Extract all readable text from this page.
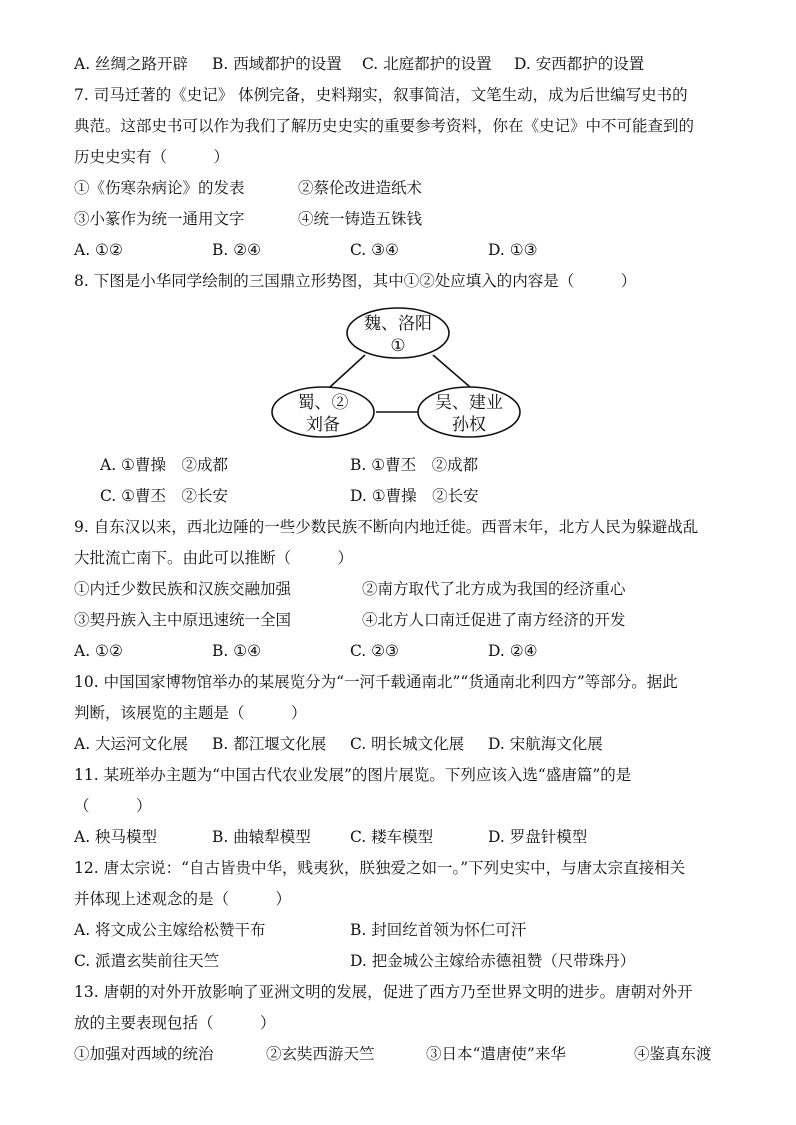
A. 丝绸之路开辟 B. 西域都护的设置 C. 北庭都护的设置 D. 安西都护的设置
7. 司马迁著的《史记》 体例完备，史料翔实，叙事简洁，文笔生动，成为后世编写史书的
典范。这部史书可以作为我们了解历史史实的重要参考资料，你在《史记》中不可能查到的
历史史实有（　　　）
①《伤寒杂病论》的发表	②蔡伦改进造纸术
③小篆作为统一通用文字	④统一铸造五铢钱
A. ①②	B. ②④	C. ③④	D. ①③
8. 下图是小华同学绘制的三国鼎立形势图，其中①②处应填入的内容是（　　　）
魏、洛阳
①
蜀、②
刘备
吴、建业
孙权
A. ①曹操　②成都	B. ①曹丕　②成都
C. ①曹丕　②长安	D. ①曹操　②长安
9. 自东汉以来，西北边陲的一些少数民族不断向内地迁徙。西晋末年，北方人民为躲避战乱
大批流亡南下。由此可以推断（　　　）
①内迁少数民族和汉族交融加强	②南方取代了北方成为我国的经济重心
③契丹族入主中原迅速统一全国	④北方人口南迁促进了南方经济的开发
A. ①②	B. ①④	C. ②③	D. ②④
10. 中国国家博物馆举办的某展览分为“一河千载通南北”“货通南北利四方”等部分。据此
判断，该展览的主题是（　　　）
A. 大运河文化展 B. 都江堰文化展 C. 明长城文化展 D. 宋航海文化展
11. 某班举办主题为“中国古代农业发展”的图片展览。下列应该入选“盛唐篇”的是
（　　　）
A. 秧马模型	B. 曲辕犁模型	C. 耧车模型	D. 罗盘针模型
12. 唐太宗说：“自古皆贵中华，贱夷狄，朕独爱之如一。”下列史实中，与唐太宗直接相关
并体现上述观念的是（　　　）
A. 将文成公主嫁给松赞干布	B. 封回纥首领为怀仁可汗
C. 派遣玄奘前往天竺	D. 把金城公主嫁给赤德祖赞（尺带珠丹）
13. 唐朝的对外开放影响了亚洲文明的发展，促进了西方乃至世界文明的进步。唐朝对外开
放的主要表现包括（　　　）
①加强对西域的统治	②玄奘西游天竺	③日本“遣唐使”来华	④鉴真东渡
